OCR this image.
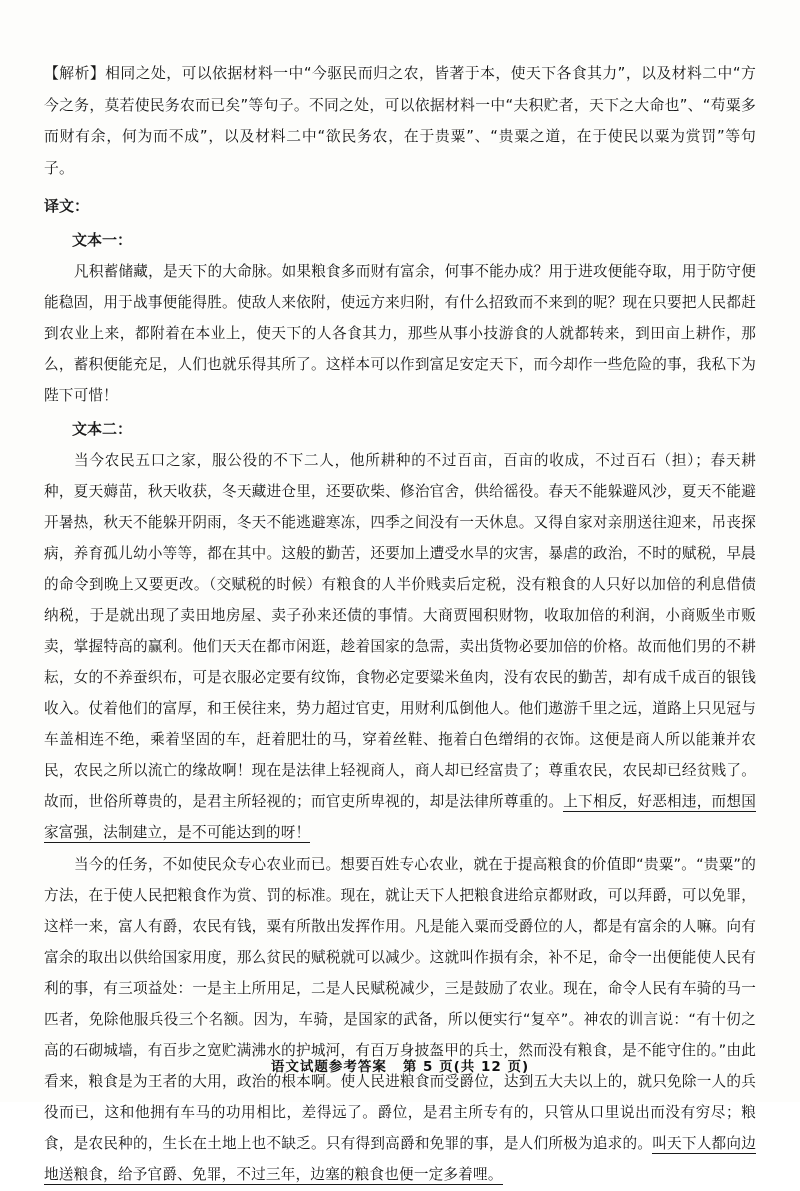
【解析】相同之处，可以依据材料一中“今驱民而归之农，皆著于本，使天下各食其力”，以及材料二中“方今之务，莫若使民务农而已矣”等句子。不同之处，可以依据材料一中“夫积贮者，天下之大命也”、“苟粟多而财有余，何为而不成”，以及材料二中“欲民务农，在于贵粟”、“贵粟之道，在于使民以粟为赏罚”等句子。

译文：

文本一：

凡积蓄储藏，是天下的大命脉。如果粮食多而财有富余，何事不能办成？用于进攻便能夺取，用于防守便能稳固，用于战事便能得胜。使敌人来依附，使远方来归附，有什么招致而不来到的呢？现在只要把人民都赶到农业上来，都附着在本业上，使天下的人各食其力，那些从事小技游食的人就都转来，到田亩上耕作，那么，蓄积便能充足，人们也就乐得其所了。这样本可以作到富足安定天下，而今却作一些危险的事，我私下为陛下可惜！

文本二：

当今农民五口之家，服公役的不下二人，他所耕种的不过百亩，百亩的收成，不过百石（担）；春天耕种，夏天薅苗，秋天收获，冬天藏进仓里，还要砍柴、修治官舍，供给徭役。春天不能躲避风沙，夏天不能避开暑热，秋天不能躲开阴雨，冬天不能逃避寒冻，四季之间没有一天休息。又得自家对亲朋送往迎来，吊丧探病，养育孤儿幼小等等，都在其中。这般的勤苦，还要加上遭受水旱的灾害，暴虐的政治，不时的赋税，早晨的命令到晚上又要更改。（交赋税的时候）有粮食的人半价贱卖后定税，没有粮食的人只好以加倍的利息借债纳税，于是就出现了卖田地房屋、卖子孙来还债的事情。大商贾囤积财物，收取加倍的利润，小商贩坐市贩卖，掌握特高的赢利。他们天天在都市闲逛，趁着国家的急需，卖出货物必要加倍的价格。故而他们男的不耕耘，女的不养蚕织布，可是衣服必定要有纹饰，食物必定要粱米鱼肉，没有农民的勤苦，却有成千成百的银钱收入。仗着他们的富厚，和王侯往来，势力超过官吏，用财利瓜倒他人。他们遨游千里之远，道路上只见冠与车盖相连不绝，乘着坚固的车，赶着肥壮的马，穿着丝鞋、拖着白色缯绢的衣饰。这便是商人所以能兼并农民，农民之所以流亡的缘故啊！现在是法律上轻视商人，商人却已经富贵了；尊重农民，农民却已经贫贱了。故而，世俗所尊贵的，是君主所轻视的；而官吏所卑视的，却是法律所尊重的。上下相反，好恶相违，而想国家富强，法制建立，是不可能达到的呀！

当今的任务，不如使民众专心农业而已。想要百姓专心农业，就在于提高粮食的价值即“贵粟”。“贵粟”的方法，在于使人民把粮食作为赏、罚的标准。现在，就让天下人把粮食进给京都财政，可以拜爵，可以免罪，这样一来，富人有爵，农民有钱，粟有所散出发挥作用。凡是能入粟而受爵位的人，都是有富余的人嘛。向有富余的取出以供给国家用度，那么贫民的赋税就可以减少。这就叫作损有余，补不足，命令一出便能使人民有利的事，有三项益处：一是主上所用足，二是人民赋税减少，三是鼓励了农业。现在，命令人民有车骑的马一匹者，免除他服兵役三个名额。因为，车骑，是国家的武备，所以便实行“复卒”。神农的训言说：“有十仞之高的石砌城墙，有百步之宽贮满沸水的护城河，有百万身披盔甲的兵士，然而没有粮食，是不能守住的。”由此看来，粮食是为王者的大用，政治的根本啊。使人民进粮食而受爵位，达到五大夫以上的，就只免除一人的兵役而已，这和他拥有车马的功用相比，差得远了。爵位，是君主所专有的，只管从口里说出而没有穷尽；粮食，是农民种的，生长在土地上也不缺乏。只有得到高爵和免罪的事，是人们所极为追求的。叫天下人都向边地送粮食，给予官爵、免罪，不过三年，边塞的粮食也便一定多着哩。

语文试题参考答案 第 5 页(共 12 页)
